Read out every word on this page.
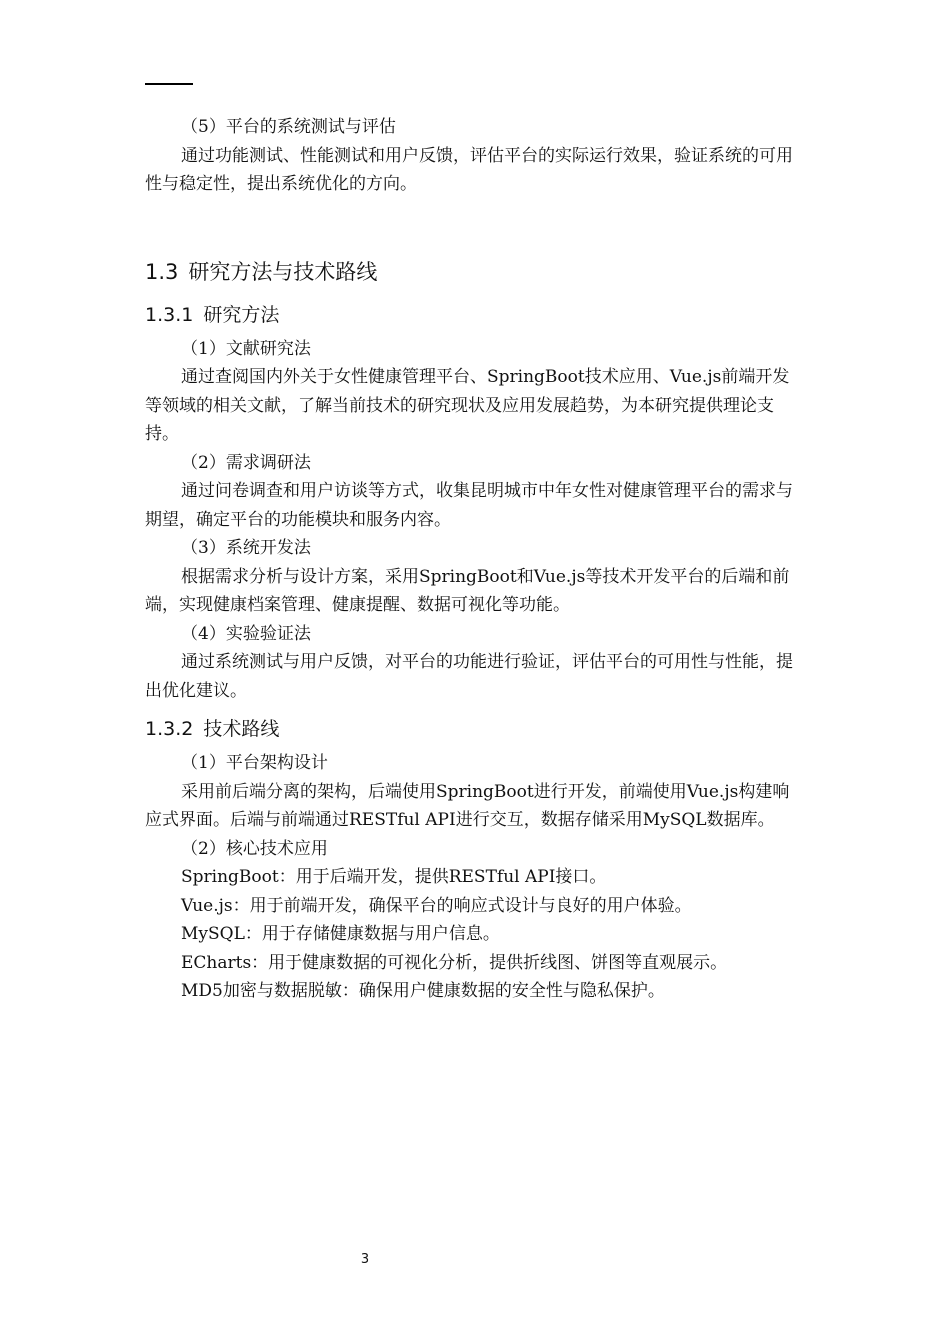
（5）平台的系统测试与评估

通过功能测试、性能测试和用户反馈，评估平台的实际运行效果，验证系统的可用性与稳定性，提出系统优化的方向。

1.3 研究方法与技术路线
1.3.1 研究方法

（1）文献研究法

通过查阅国内外关于女性健康管理平台、SpringBoot技术应用、Vue.js前端开发等领域的相关文献，了解当前技术的研究现状及应用发展趋势，为本研究提供理论支持。

（2）需求调研法

通过问卷调查和用户访谈等方式，收集昆明城市中年女性对健康管理平台的需求与期望，确定平台的功能模块和服务内容。

（3）系统开发法

根据需求分析与设计方案，采用SpringBoot和Vue.js等技术开发平台的后端和前端，实现健康档案管理、健康提醒、数据可视化等功能。

（4）实验验证法

通过系统测试与用户反馈，对平台的功能进行验证，评估平台的可用性与性能，提出优化建议。

1.3.2 技术路线

（1）平台架构设计

采用前后端分离的架构，后端使用SpringBoot进行开发，前端使用Vue.js构建响应式界面。后端与前端通过RESTful API进行交互，数据存储采用MySQL数据库。

（2）核心技术应用

SpringBoot：用于后端开发，提供RESTful API接口。

Vue.js：用于前端开发，确保平台的响应式设计与良好的用户体验。

MySQL：用于存储健康数据与用户信息。

ECharts：用于健康数据的可视化分析，提供折线图、饼图等直观展示。

MD5加密与数据脱敏：确保用户健康数据的安全性与隐私保护。

3
